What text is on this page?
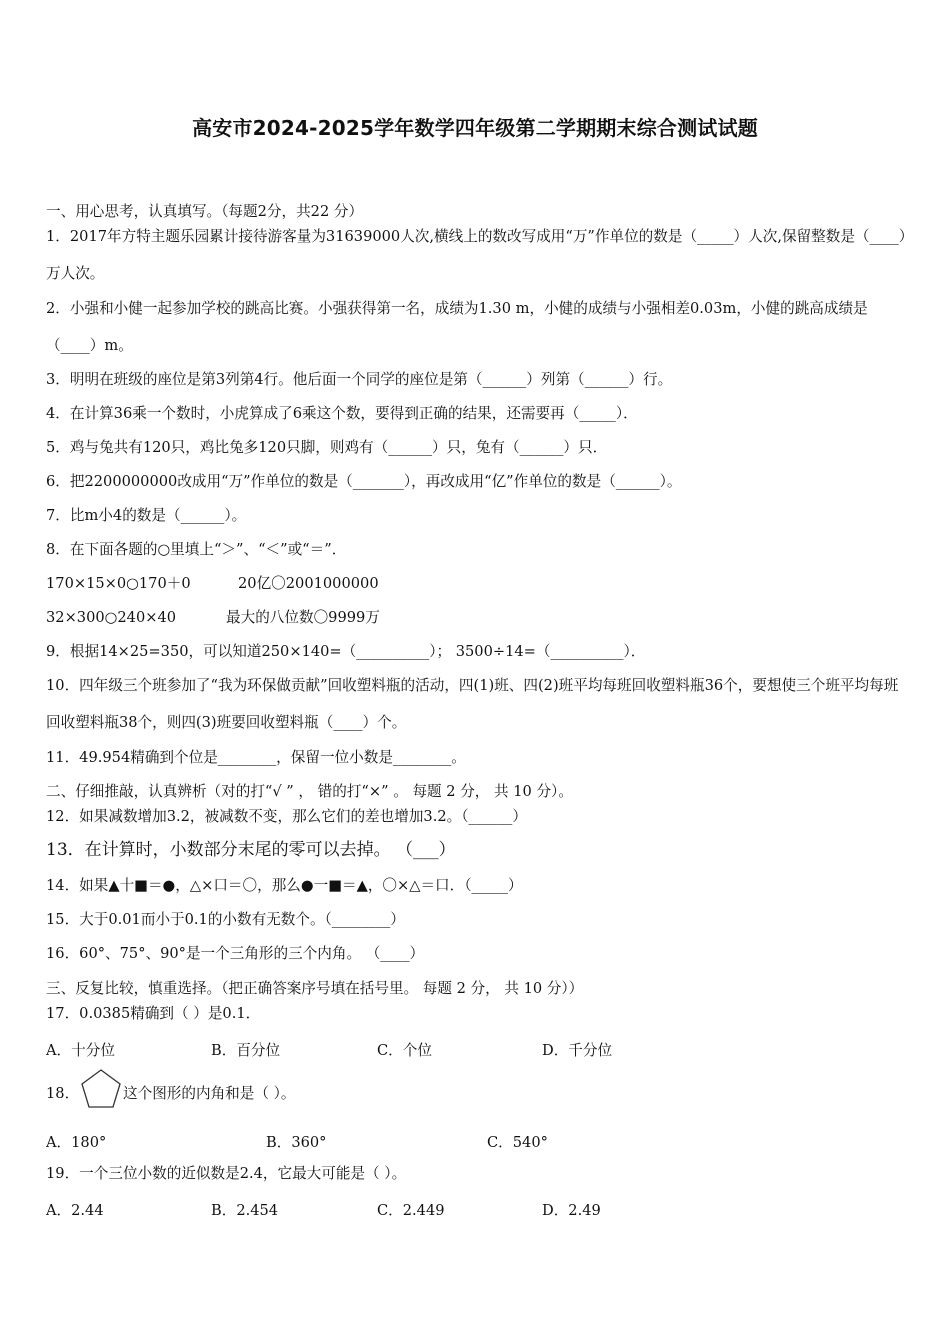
高安市2024-2025学年数学四年级第二学期期末综合测试试题
一、用心思考，认真填写。（每题2分，共22 分）
1．2017年方特主题乐园累计接待游客量为31639000人次,横线上的数改写成用“万”作单位的数是（_____）人次,保留整数是（____）万人次。
2．小强和小健一起参加学校的跳高比赛。小强获得第一名，成绩为1.30 m，小健的成绩与小强相差0.03m，小健的跳高成绩是（____）m。
3．明明在班级的座位是第3列第4行。他后面一个同学的座位是第（______）列第（______）行。
4．在计算36乘一个数时，小虎算成了6乘这个数，要得到正确的结果，还需要再（_____）．
5．鸡与兔共有120只，鸡比兔多120只脚，则鸡有（______）只，兔有（______）只．
6．把2200000000改成用“万”作单位的数是（_______），再改成用“亿”作单位的数是（______）。
7．比m小4的数是（______）。
8．在下面各题的○里填上“＞”、“＜”或“＝”．
170×15×0○170＋0	20亿〇2001000000
32×300○240×40	最大的八位数〇9999万
9．根据14×25=350，可以知道250×140=（__________）； 3500÷14=（__________）．
10．四年级三个班参加了“我为环保做贡献”回收塑料瓶的活动，四(1)班、四(2)班平均每班回收塑料瓶36个，要想使三个班平均每班回收塑料瓶38个，则四(3)班要回收塑料瓶（____）个。
11．49.954精确到个位是________，保留一位小数是________。
二、仔细推敲，认真辨析（对的打“√ ” ， 错的打“×” 。 每题 2 分， 共 10 分）。
12．如果减数增加3.2，被减数不变，那么它们的差也增加3.2。（______）
13．在计算时，小数部分末尾的零可以去掉。 （___）
14．如果▲十■＝●，△×口＝〇，那么●一■＝▲，〇×△＝口．（_____）
15．大于0.01而小于0.1的小数有无数个。（________）
16．60°、75°、90°是一个三角形的三个内角。 （____）
三、反复比较，慎重选择。（把正确答案序号填在括号里。 每题 2 分， 共 10 分））
17．0.0385精确到（ ）是0.1．
A．十分位	B．百分位	C．个位	D．千分位
18．	这个图形的内角和是（ ）。
A．180°	B．360°	C．540°
19．一个三位小数的近似数是2.4，它最大可能是（ ）。
A．2.44	B．2.454	C．2.449	D．2.49
